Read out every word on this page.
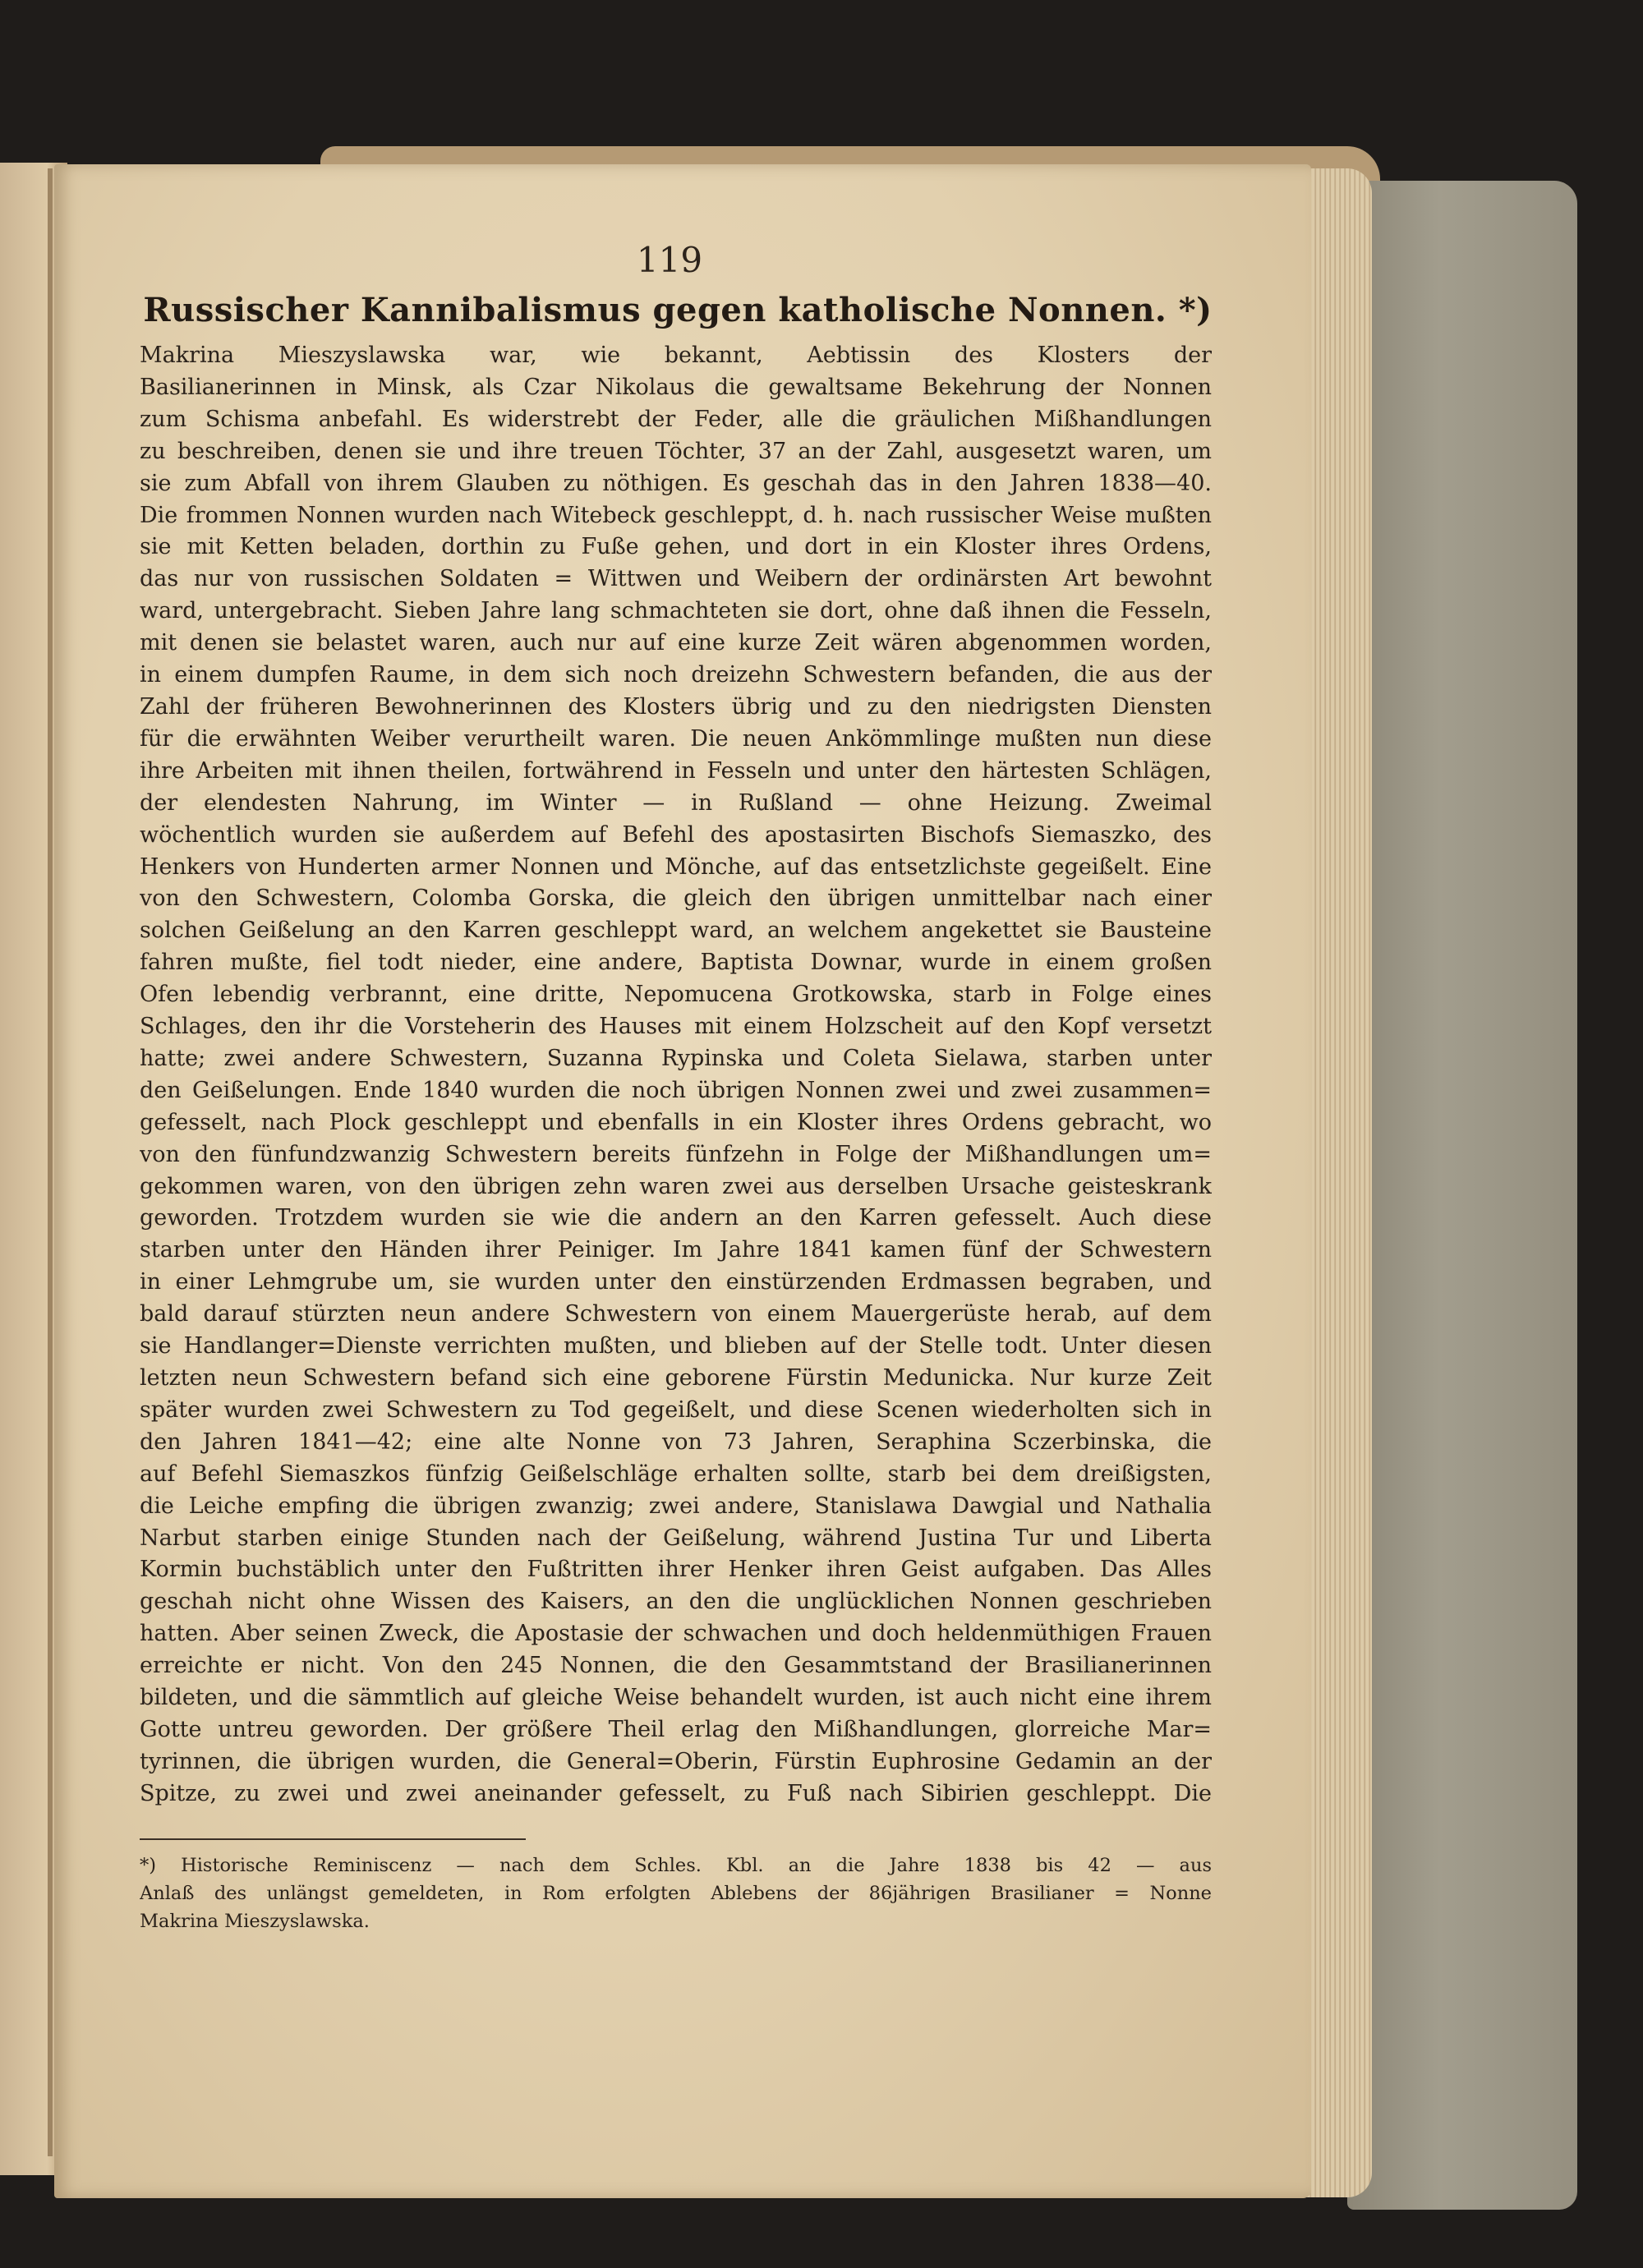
119
Russischer Kannibalismus gegen katholische Nonnen. *)

Makrina Mieszyslawska war, wie bekannt, Aebtissin des Klosters der
Basilianerinnen in Minsk, als Czar Nikolaus die gewaltsame Bekehrung der Nonnen
zum Schisma anbefahl. Es widerstrebt der Feder, alle die gräulichen Mißhandlungen
zu beschreiben, denen sie und ihre treuen Töchter, 37 an der Zahl, ausgesetzt waren, um
sie zum Abfall von ihrem Glauben zu nöthigen. Es geschah das in den Jahren 1838—40.
Die frommen Nonnen wurden nach Witebeck geschleppt, d. h. nach russischer Weise mußten
sie mit Ketten beladen, dorthin zu Fuße gehen, und dort in ein Kloster ihres Ordens,
das nur von russischen Soldaten = Wittwen und Weibern der ordinärsten Art bewohnt
ward, untergebracht. Sieben Jahre lang schmachteten sie dort, ohne daß ihnen die Fesseln,
mit denen sie belastet waren, auch nur auf eine kurze Zeit wären abgenommen worden,
in einem dumpfen Raume, in dem sich noch dreizehn Schwestern befanden, die aus der
Zahl der früheren Bewohnerinnen des Klosters übrig und zu den niedrigsten Diensten
für die erwähnten Weiber verurtheilt waren. Die neuen Ankömmlinge mußten nun diese
ihre Arbeiten mit ihnen theilen, fortwährend in Fesseln und unter den härtesten Schlägen,
der elendesten Nahrung, im Winter — in Rußland — ohne Heizung. Zweimal
wöchentlich wurden sie außerdem auf Befehl des apostasirten Bischofs Siemaszko, des
Henkers von Hunderten armer Nonnen und Mönche, auf das entsetzlichste gegeißelt. Eine
von den Schwestern, Colomba Gorska, die gleich den übrigen unmittelbar nach einer
solchen Geißelung an den Karren geschleppt ward, an welchem angekettet sie Bausteine
fahren mußte, fiel todt nieder, eine andere, Baptista Downar, wurde in einem großen
Ofen lebendig verbrannt, eine dritte, Nepomucena Grotkowska, starb in Folge eines
Schlages, den ihr die Vorsteherin des Hauses mit einem Holzscheit auf den Kopf versetzt
hatte; zwei andere Schwestern, Suzanna Rypinska und Coleta Sielawa, starben unter
den Geißelungen. Ende 1840 wurden die noch übrigen Nonnen zwei und zwei zusammen=
gefesselt, nach Plock geschleppt und ebenfalls in ein Kloster ihres Ordens gebracht, wo
von den fünfundzwanzig Schwestern bereits fünfzehn in Folge der Mißhandlungen um=
gekommen waren, von den übrigen zehn waren zwei aus derselben Ursache geisteskrank
geworden. Trotzdem wurden sie wie die andern an den Karren gefesselt. Auch diese
starben unter den Händen ihrer Peiniger. Im Jahre 1841 kamen fünf der Schwestern
in einer Lehmgrube um, sie wurden unter den einstürzenden Erdmassen begraben, und
bald darauf stürzten neun andere Schwestern von einem Mauergerüste herab, auf dem
sie Handlanger=Dienste verrichten mußten, und blieben auf der Stelle todt. Unter diesen
letzten neun Schwestern befand sich eine geborene Fürstin Medunicka. Nur kurze Zeit
später wurden zwei Schwestern zu Tod gegeißelt, und diese Scenen wiederholten sich in
den Jahren 1841—42; eine alte Nonne von 73 Jahren, Seraphina Sczerbinska, die
auf Befehl Siemaszkos fünfzig Geißelschläge erhalten sollte, starb bei dem dreißigsten,
die Leiche empfing die übrigen zwanzig; zwei andere, Stanislawa Dawgial und Nathalia
Narbut starben einige Stunden nach der Geißelung, während Justina Tur und Liberta
Kormin buchstäblich unter den Fußtritten ihrer Henker ihren Geist aufgaben. Das Alles
geschah nicht ohne Wissen des Kaisers, an den die unglücklichen Nonnen geschrieben
hatten. Aber seinen Zweck, die Apostasie der schwachen und doch heldenmüthigen Frauen
erreichte er nicht. Von den 245 Nonnen, die den Gesammtstand der Brasilianerinnen
bildeten, und die sämmtlich auf gleiche Weise behandelt wurden, ist auch nicht eine ihrem
Gotte untreu geworden. Der größere Theil erlag den Mißhandlungen, glorreiche Mar=
tyrinnen, die übrigen wurden, die General=Oberin, Fürstin Euphrosine Gedamin an der
Spitze, zu zwei und zwei aneinander gefesselt, zu Fuß nach Sibirien geschleppt. Die

*) Historische Reminiscenz — nach dem Schles. Kbl. an die Jahre 1838 bis 42 — aus
Anlaß des unlängst gemeldeten, in Rom erfolgten Ablebens der 86jährigen Brasilianer = Nonne
Makrina Mieszyslawska.
